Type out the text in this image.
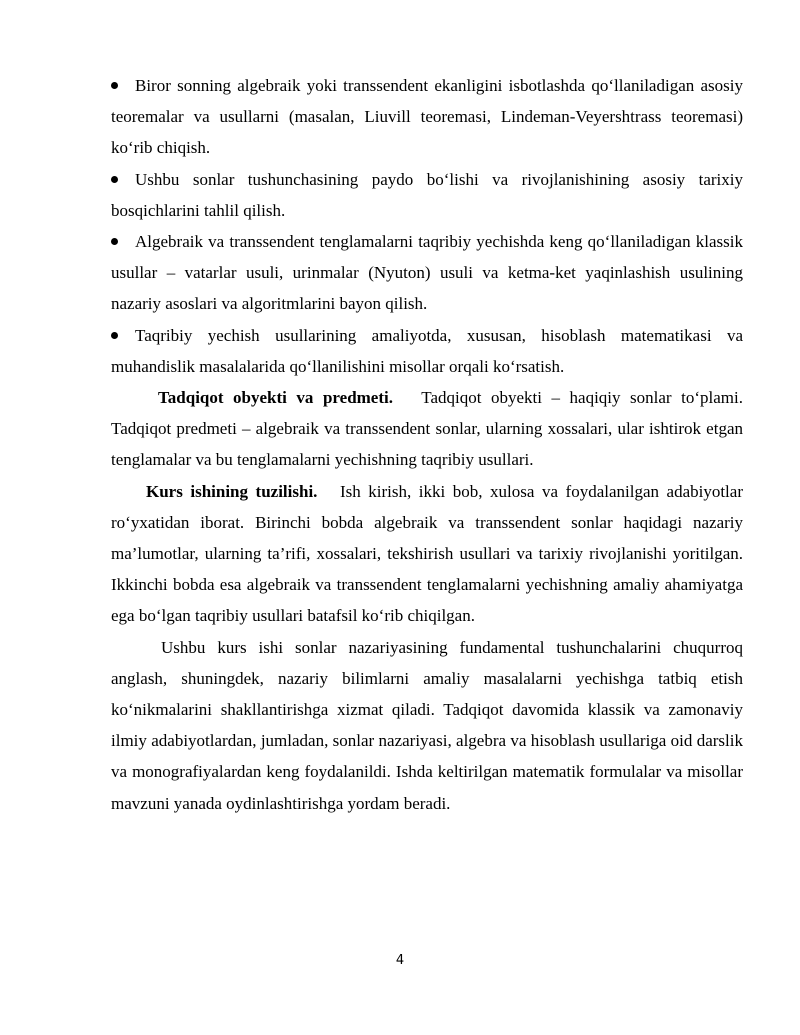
Biror sonning algebraik yoki transsendent ekanligini isbotlashda qo‘llaniladigan asosiy teoremalar va usullarni (masalan, Liuvill teoremasi, Lindeman-Veyershtrass teoremasi) ko‘rib chiqish.

Ushbu sonlar tushunchasining paydo bo‘lishi va rivojlanishining asosiy tarixiy bosqichlarini tahlil qilish.

Algebraik va transsendent tenglamalarni taqribiy yechishda keng qo‘llaniladigan klassik usullar – vatarlar usuli, urinmalar (Nyuton) usuli va ketma-ket yaqinlashish usulining nazariy asoslari va algoritmlarini bayon qilish.

Taqribiy yechish usullarining amaliyotda, xususan, hisoblash matematikasi va muhandislik masalalarida qo‘llanilishini misollar orqali ko‘rsatish.

Tadqiqot obyekti va predmeti. Tadqiqot obyekti – haqiqiy sonlar to‘plami. Tadqiqot predmeti – algebraik va transsendent sonlar, ularning xossalari, ular ishtirok etgan tenglamalar va bu tenglamalarni yechishning taqribiy usullari.

Kurs ishining tuzilishi. Ish kirish, ikki bob, xulosa va foydalanilgan adabiyotlar ro‘yxatidan iborat. Birinchi bobda algebraik va transsendent sonlar haqidagi nazariy ma’lumotlar, ularning ta’rifi, xossalari, tekshirish usullari va tarixiy rivojlanishi yoritilgan. Ikkinchi bobda esa algebraik va transsendent tenglamalarni yechishning amaliy ahamiyatga ega bo‘lgan taqribiy usullari batafsil ko‘rib chiqilgan.

Ushbu kurs ishi sonlar nazariyasining fundamental tushunchalarini chuqurroq anglash, shuningdek, nazariy bilimlarni amaliy masalalarni yechishga tatbiq etish ko‘nikmalarini shakllantirishga xizmat qiladi. Tadqiqot davomida klassik va zamonaviy ilmiy adabiyotlardan, jumladan, sonlar nazariyasi, algebra va hisoblash usullariga oid darslik va monografiyalardan keng foydalanildi. Ishda keltirilgan matematik formulalar va misollar mavzuni yanada oydinlashtirishga yordam beradi.

4
